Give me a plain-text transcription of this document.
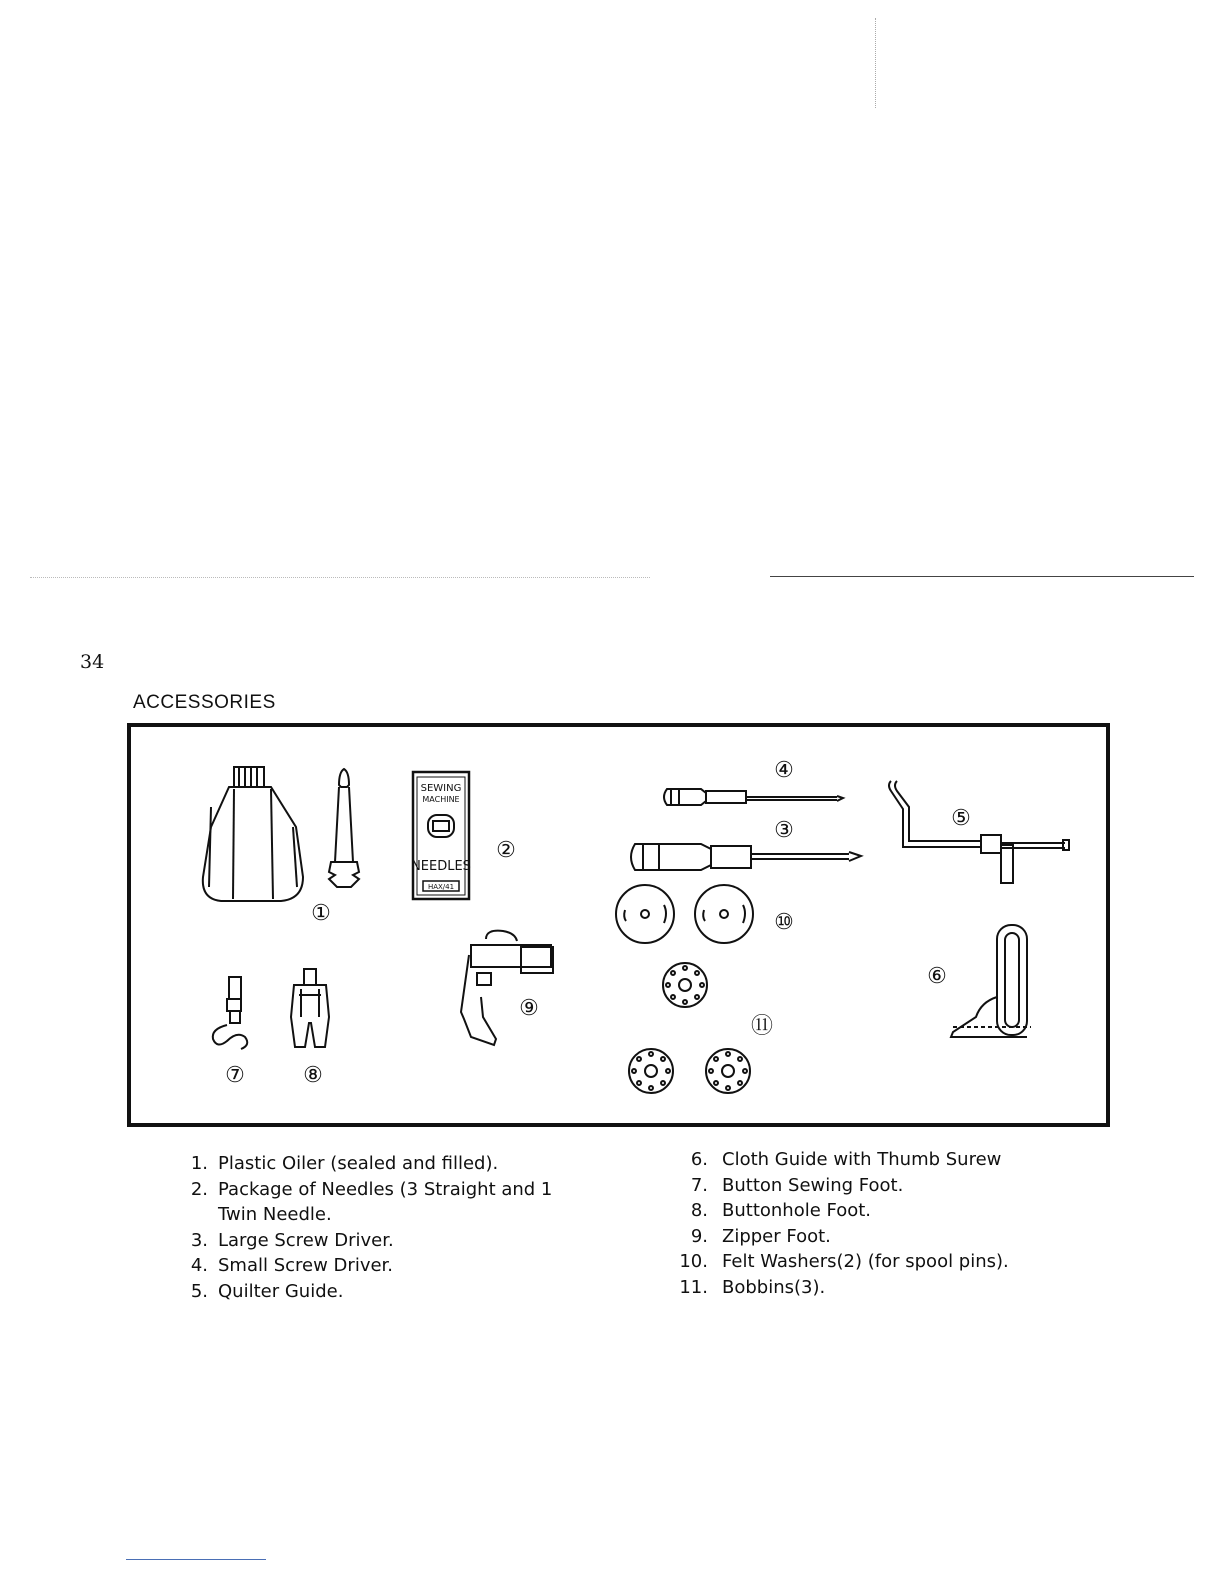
34
ACCESSORIES
SEWING
MACHINE
NEEDLES
HAX/41
①
②
③
④
⑤
⑥
⑦	⑧
⑨
⑩
⑪
1. Plastic Oiler (sealed and filled).
2. Package of Needles (3 Straight and 1
Twin Needle.
3. Large Screw Driver.
4. Small Screw Driver.
5. Quilter Guide.
6. Cloth Guide with Thumb Surew
7. Button Sewing Foot.
8. Buttonhole Foot.
9. Zipper Foot.
10. Felt Washers(2) (for spool pins).
11. Bobbins(3).
